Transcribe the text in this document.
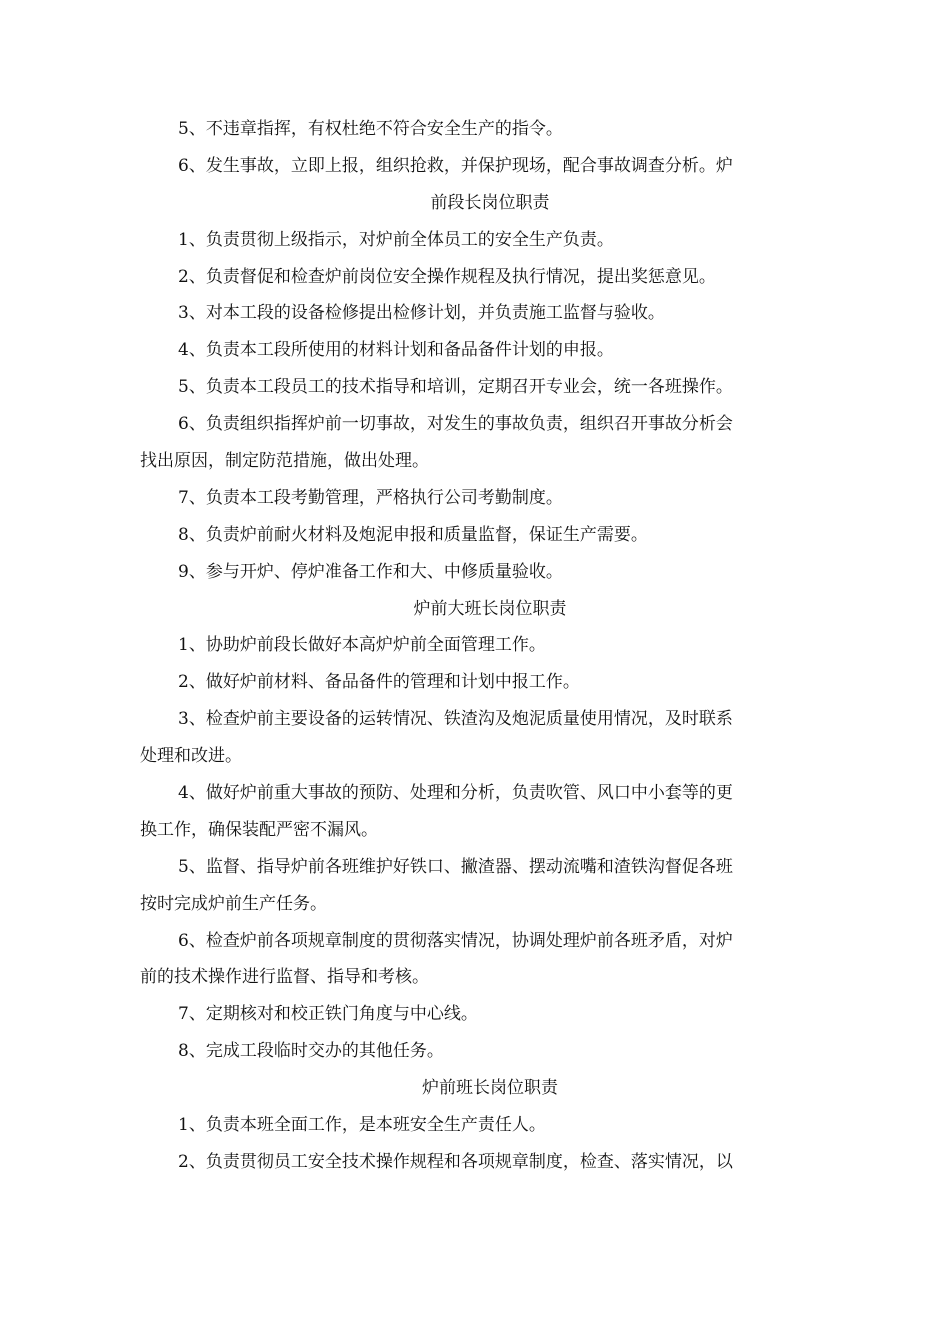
5、不违章指挥，有权杜绝不符合安全生产的指令。
6、发生事故，立即上报，组织抢救，并保护现场，配合事故调查分析。炉
前段长岗位职责
1、负责贯彻上级指示，对炉前全体员工的安全生产负责。
2、负责督促和检查炉前岗位安全操作规程及执行情况，提出奖惩意见。
3、对本工段的设备检修提出检修计划，并负责施工监督与验收。
4、负责本工段所使用的材料计划和备品备件计划的申报。
5、负责本工段员工的技术指导和培训，定期召开专业会，统一各班操作。
6、负责组织指挥炉前一切事故，对发生的事故负责，组织召开事故分析会
找出原因，制定防范措施，做出处理。
7、负责本工段考勤管理，严格执行公司考勤制度。
8、负责炉前耐火材料及炮泥申报和质量监督，保证生产需要。
9、参与开炉、停炉准备工作和大、中修质量验收。
炉前大班长岗位职责
1、协助炉前段长做好本高炉炉前全面管理工作。
2、做好炉前材料、备品备件的管理和计划中报工作。
3、检查炉前主要设备的运转情况、铁渣沟及炮泥质量使用情况，及时联系
处理和改进。
4、做好炉前重大事故的预防、处理和分析，负责吹管、风口中小套等的更
换工作，确保装配严密不漏风。
5、监督、指导炉前各班维护好铁口、撇渣器、摆动流嘴和渣铁沟督促各班
按时完成炉前生产任务。
6、检查炉前各项规章制度的贯彻落实情况，协调处理炉前各班矛盾，对炉
前的技术操作进行监督、指导和考核。
7、定期核对和校正铁门角度与中心线。
8、完成工段临时交办的其他任务。
炉前班长岗位职责
1、负责本班全面工作，是本班安全生产责任人。
2、负责贯彻员工安全技术操作规程和各项规章制度，检查、落实情况，以
